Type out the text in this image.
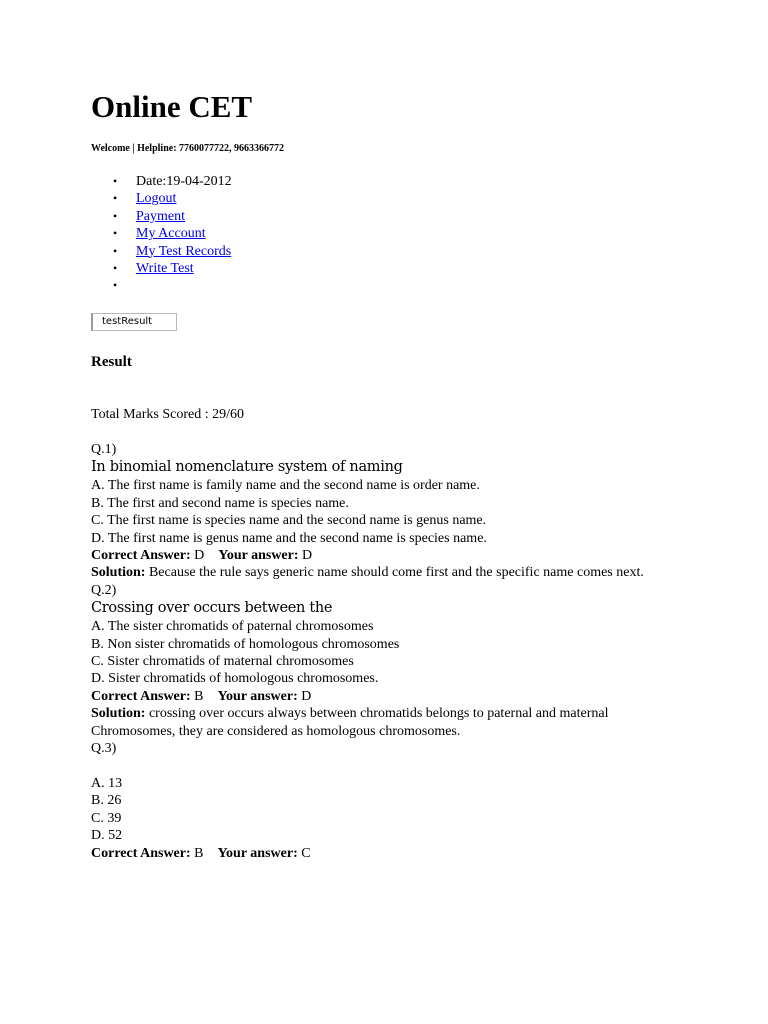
Online CET
Welcome | Helpline: 7760077722, 9663366772
• Date:19-04-2012
• Logout
• Payment
• My Account
• My Test Records
• Write Test
•
testResult
Result
Total Marks Scored : 29/60
Q.1)
In binomial nomenclature system of naming
A. The first name is family name and the second name is order name.
B. The first and second name is species name.
C. The first name is species name and the second name is genus name.
D. The first name is genus name and the second name is species name.
Correct Answer: D Your answer: D
Solution: Because the rule says generic name should come first and the specific name comes next.
Q.2)
Crossing over occurs between the
A. The sister chromatids of paternal chromosomes
B. Non sister chromatids of homologous chromosomes
C. Sister chromatids of maternal chromosomes
D. Sister chromatids of homologous chromosomes.
Correct Answer: B Your answer: D
Solution: crossing over occurs always between chromatids belongs to paternal and maternal Chromosomes, they are considered as homologous chromosomes.
Q.3)
A. 13
B. 26
C. 39
D. 52
Correct Answer: B Your answer: C
